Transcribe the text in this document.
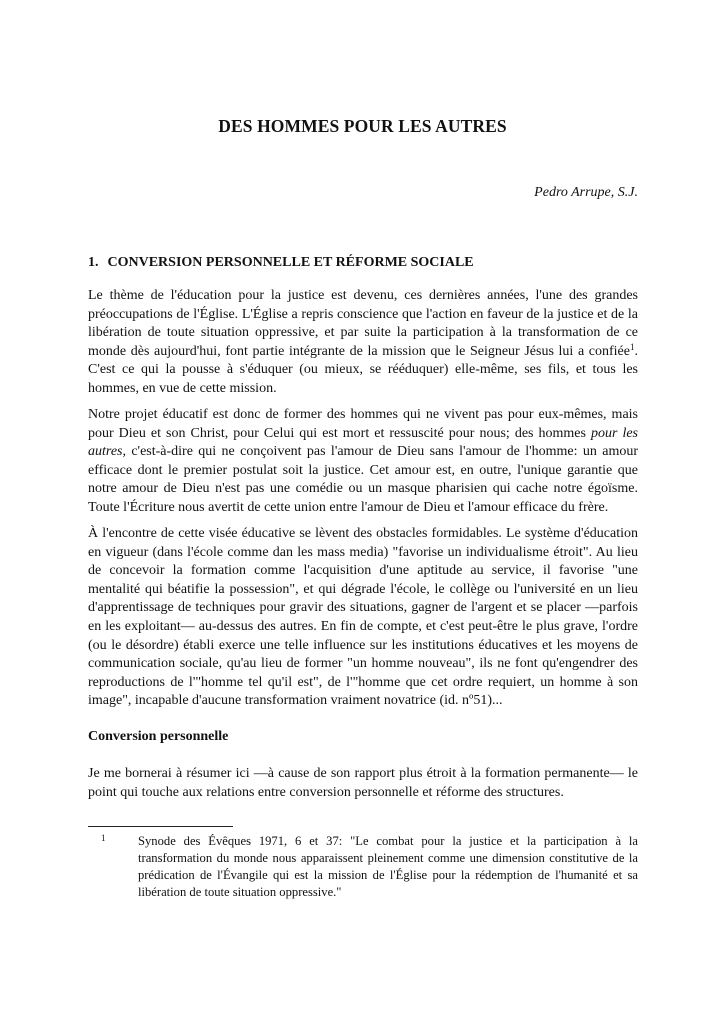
DES HOMMES POUR LES AUTRES
Pedro Arrupe, S.J.
1. CONVERSION PERSONNELLE ET RÉFORME SOCIALE

Le thème de l'éducation pour la justice est devenu, ces dernières années, l'une des grandes préoccupations de l'Église. L'Église a repris conscience que l'action en faveur de la justice et de la libération de toute situation oppressive, et par suite la participation à la transformation de ce monde dès aujourd'hui, font partie intégrante de la mission que le Seigneur Jésus lui a confiée$^1$. C'est ce qui la pousse à s'éduquer (ou mieux, se rééduquer) elle-même, ses fils, et tous les hommes, en vue de cette mission.

Notre projet éducatif est donc de former des hommes qui ne vivent pas pour eux-mêmes, mais pour Dieu et son Christ, pour Celui qui est mort et ressuscité pour nous; des hommes pour les autres, c'est-à-dire qui ne conçoivent pas l'amour de Dieu sans l'amour de l'homme: un amour efficace dont le premier postulat soit la justice. Cet amour est, en outre, l'unique garantie que notre amour de Dieu n'est pas une comédie ou un masque pharisien qui cache notre égoïsme. Toute l'Écriture nous avertit de cette union entre l'amour de Dieu et l'amour efficace du frère.

À l'encontre de cette visée éducative se lèvent des obstacles formidables. Le système d'éducation en vigueur (dans l'école comme dan les mass media) "favorise un individualisme étroit". Au lieu de concevoir la formation comme l'acquisition d'une aptitude au service, il favorise "une mentalité qui béatifie la possession", et qui dégrade l'école, le collège ou l'université en un lieu d'apprentissage de techniques pour gravir des situations, gagner de l'argent et se placer —parfois en les exploitant— au-dessus des autres. En fin de compte, et c'est peut-être le plus grave, l'ordre (ou le désordre) établi exerce une telle influence sur les institutions éducatives et les moyens de communication sociale, qu'au lieu de former "un homme nouveau", ils ne font qu'engendrer des reproductions de l'"homme tel qu'il est", de l'"homme que cet ordre requiert, un homme à son image", incapable d'aucune transformation vraiment novatrice (id. nº51)...

Conversion personnelle

Je me bornerai à résumer ici —à cause de son rapport plus étroit à la formation permanente— le point qui touche aux relations entre conversion personnelle et réforme des structures.

1	Synode des Évêques 1971, 6 et 37: "Le combat pour la justice et la participation à la transformation du monde nous apparaissent pleinement comme une dimension constitutive de la prédication de l'Évangile qui est la mission de l'Église pour la rédemption de l'humanité et sa libération de toute situation oppressive."
